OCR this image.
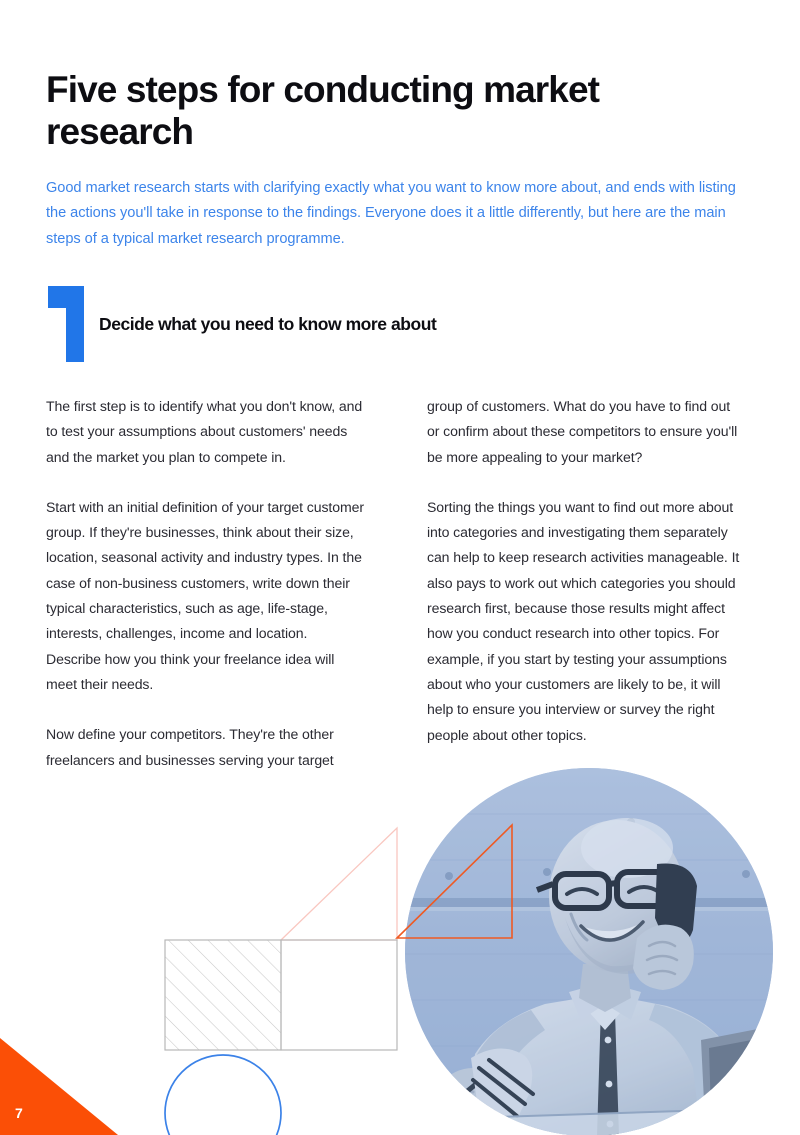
Five steps for conducting market research

Good market research starts with clarifying exactly what you want to know more about, and ends with listing the actions you'll take in response to the findings. Everyone does it a little differently, but here are the main steps of a typical market research programme.

Decide what you need to know more about

The first step is to identify what you don't know, and to test your assumptions about customers' needs and the market you plan to compete in.

Start with an initial definition of your target customer group. If they're businesses, think about their size, location, seasonal activity and industry types. In the case of non-business customers, write down their typical characteristics, such as age, life-stage, interests, challenges, income and location. Describe how you think your freelance idea will meet their needs.

Now define your competitors. They're the other freelancers and businesses serving your target

group of customers. What do you have to find out or confirm about these competitors to ensure you'll be more appealing to your market?

Sorting the things you want to find out more about into categories and investigating them separately can help to keep research activities manageable. It also pays to work out which categories you should research first, because those results might affect how you conduct research into other topics. For example, if you start by testing your assumptions about who your customers are likely to be, it will help to ensure you interview or survey the right people about other topics.

7
